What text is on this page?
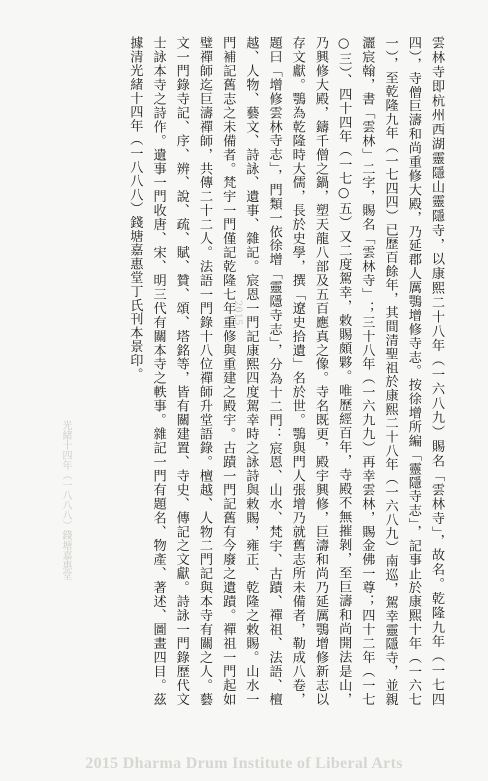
雲林寺即杭州西湖靈隱山靈隱寺，以康熙二十八年（一六八九）賜名「雲林寺」，故名。乾隆九年（一七四四），寺僧巨濤和尚重修大殿，乃延郡人厲鶚增修寺志。按徐增所編「靈隱寺志」，記事止於康熙十年（一六七一），至乾隆九年（一七四四）已歷百餘年，其間清聖祖於康熙二十八年（一六八九）南巡，駕幸靈隱寺，並親灑宸翰，書「雲林」二字，賜名「雲林寺」；三十八年（一六九九）再幸雲林，賜金佛一尊；四十二年（一七○三）、四十四年（一七○五）又二度駕幸，敕賜頗夥。唯歷經百年，寺殿不無摧剝，至巨濤和尚開法是山，乃興修大殿，鑄千僧之鍋，塑天龍八部及五百應真之像。寺名既更，殿宇興修，巨濤和尚乃延厲鶚增修新志以存文獻。鶚為乾隆時大儒，長於史學，撰「遼史拾遺」名於世。鶚與門人張增乃就舊志所未備者，勒成八卷，題曰「增修雲林寺志」，門類一依徐增「靈隱寺志」，分為十二門：宸恩、山水、梵宇、古蹟、禪祖、法語、檀越、人物、藝文、詩詠、遺事、雜記。宸恩一門記康熙四度駕幸時之詠詩與敕賜，雍正、乾隆之敕賜。山水一門補記舊志之未備者。梵宇一門僅記乾隆七年重修與重建之殿宇。古蹟一門記舊有今廢之遺蹟。禪祖一門起如璧禪師迄巨濤禪師，共傳二十二人。法語一門錄十八位禪師升堂語錄。檀越、人物二門記與本寺有關之人。藝文一門錄寺記、序、辨、說、疏、賦、贊、頌、塔銘等，皆有關建置、寺史、傳記之文獻。詩詠一門錄歷代文士詠本寺之詩作。遺事一門收唐、宋、明三代有關本寺之軼事。雜記一門有題名、物產、著述、圖畫四目。茲據清光緒十四年（一八八八）錢塘嘉惠堂丁氏刊本景印。

光緒十四年（一八八八）錢塘嘉惠堂
2015
2015 Dharma Drum Institute of Liberal Arts
